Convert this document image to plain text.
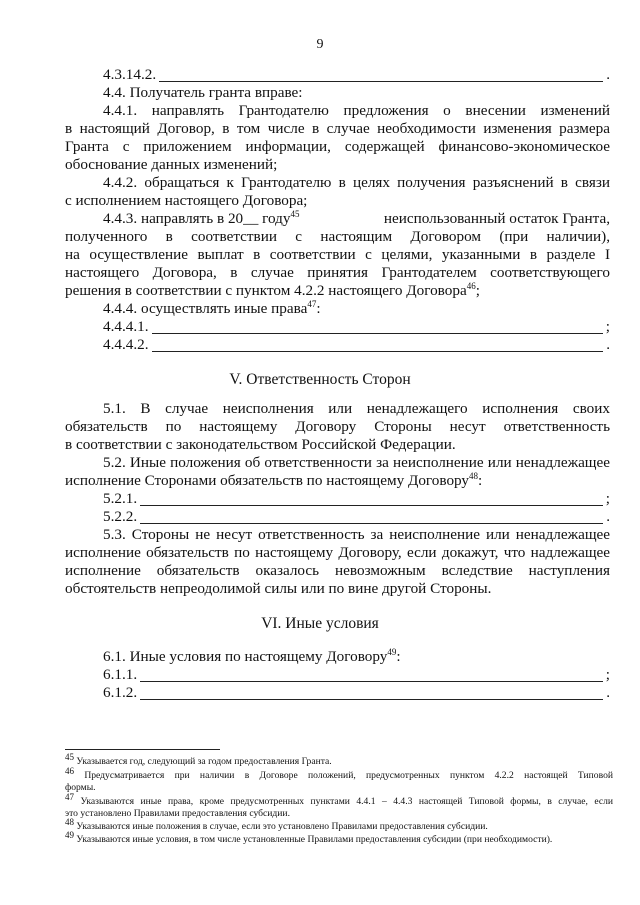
9
4.3.14.2.	.
4.4. Получатель гранта вправе:
4.4.1. направлять Грантодателю предложения о внесении изменений
в настоящий Договор, в том числе в случае необходимости изменения размера
Гранта с приложением информации, содержащей финансово-экономическое
обоснование данных изменений;
4.4.2. обращаться к Грантодателю в целях получения разъяснений в связи
с исполнением настоящего Договора;
4.4.3. направлять в 20__ году$^{45}$	неиспользованный остаток Гранта,
полученного в соответствии с настоящим Договором (при наличии),
на осуществление выплат в соответствии с целями, указанными в разделе I
настоящего Договора, в случае принятия Грантодателем соответствующего
решения в соответствии с пунктом 4.2.2 настоящего Договора$^{46}$;
4.4.4. осуществлять иные права$^{47}$:
4.4.4.1.	;
4.4.4.2.	.
V. Ответственность Сторон
5.1. В случае неисполнения или ненадлежащего исполнения своих
обязательств по настоящему Договору Стороны несут ответственность
в соответствии с законодательством Российской Федерации.
5.2. Иные положения об ответственности за неисполнение или ненадлежащее
исполнение Сторонами обязательств по настоящему Договору$^{48}$:
5.2.1.	;
5.2.2.	.
5.3. Стороны не несут ответственность за неисполнение или ненадлежащее
исполнение обязательств по настоящему Договору, если докажут, что надлежащее
исполнение обязательств оказалось невозможным вследствие наступления
обстоятельств непреодолимой силы или по вине другой Стороны.
VI. Иные условия
6.1. Иные условия по настоящему Договору$^{49}$:
6.1.1.	;
6.1.2.	.
$^{45}$ Указывается год, следующий за годом предоставления Гранта.
$^{46}$ Предусматривается при наличии в Договоре положений, предусмотренных пунктом 4.2.2 настоящей Типовой
формы.
$^{47}$ Указываются иные права, кроме предусмотренных пунктами 4.4.1 – 4.4.3 настоящей Типовой формы, в случае, если
это установлено Правилами предоставления субсидии.
$^{48}$ Указываются иные положения в случае, если это установлено Правилами предоставления субсидии.
$^{49}$ Указываются иные условия, в том числе установленные Правилами предоставления субсидии (при необходимости).
